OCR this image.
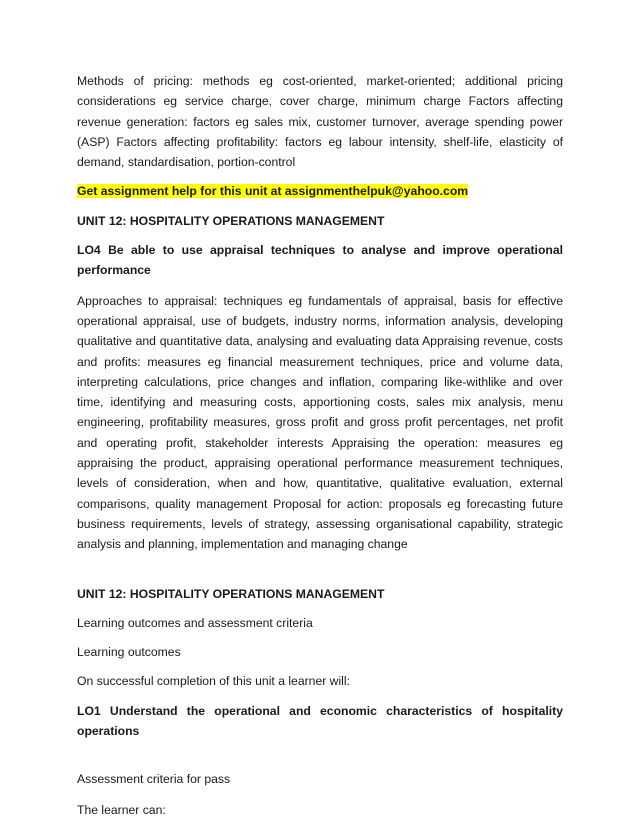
Methods of pricing: methods eg cost-oriented, market-oriented; additional pricing considerations eg service charge, cover charge, minimum charge Factors affecting revenue generation: factors eg sales mix, customer turnover, average spending power (ASP) Factors affecting profitability: factors eg labour intensity, shelf-life, elasticity of demand, standardisation, portion-control

Get assignment help for this unit at assignmenthelpuk@yahoo.com

UNIT 12: HOSPITALITY OPERATIONS MANAGEMENT

LO4 Be able to use appraisal techniques to analyse and improve operational performance

Approaches to appraisal: techniques eg fundamentals of appraisal, basis for effective operational appraisal, use of budgets, industry norms, information analysis, developing qualitative and quantitative data, analysing and evaluating data Appraising revenue, costs and profits: measures eg financial measurement techniques, price and volume data, interpreting calculations, price changes and inflation, comparing like-withlike and over time, identifying and measuring costs, apportioning costs, sales mix analysis, menu engineering, profitability measures, gross profit and gross profit percentages, net profit and operating profit, stakeholder interests Appraising the operation: measures eg appraising the product, appraising operational performance measurement techniques, levels of consideration, when and how, quantitative, qualitative evaluation, external comparisons, quality management Proposal for action: proposals eg forecasting future business requirements, levels of strategy, assessing organisational capability, strategic analysis and planning, implementation and managing change

UNIT 12: HOSPITALITY OPERATIONS MANAGEMENT

Learning outcomes and assessment criteria

Learning outcomes

On successful completion of this unit a learner will:

LO1 Understand the operational and economic characteristics of hospitality operations

Assessment criteria for pass

The learner can:
